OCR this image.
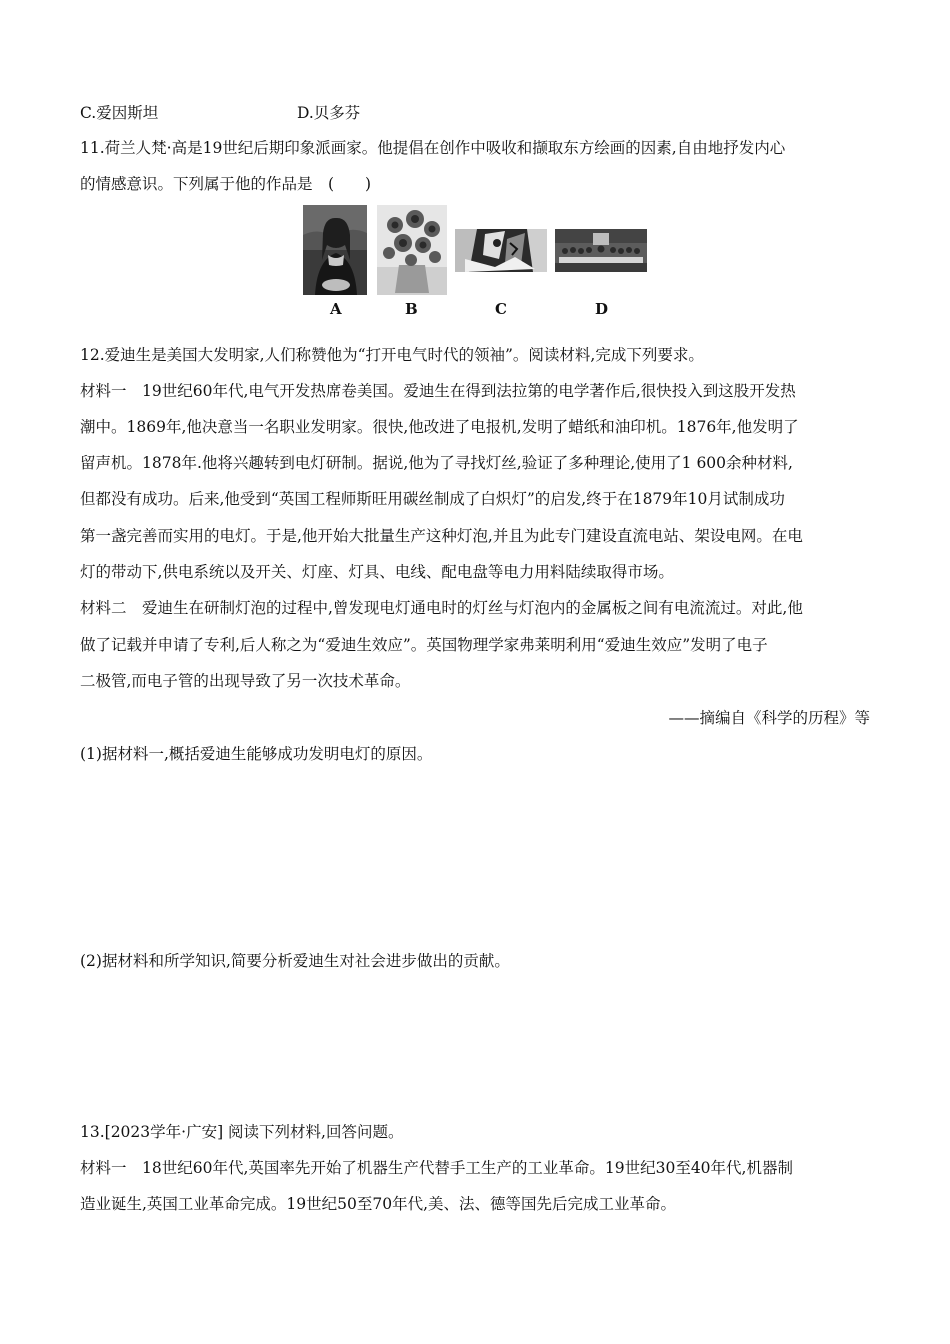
C.爱因斯坦	D.贝多芬
11.荷兰人梵·高是19世纪后期印象派画家。他提倡在创作中吸收和撷取东方绘画的因素,自由地抒发内心
的情感意识。下列属于他的作品是　(　　)
A	B	C	D
12.爱迪生是美国大发明家,人们称赞他为“打开电气时代的领袖”。阅读材料,完成下列要求。
材料一　19世纪60年代,电气开发热席卷美国。爱迪生在得到法拉第的电学著作后,很快投入到这股开发热
潮中。1869年,他决意当一名职业发明家。很快,他改进了电报机,发明了蜡纸和油印机。1876年,他发明了
留声机。1878年.他将兴趣转到电灯研制。据说,他为了寻找灯丝,验证了多种理论,使用了1 600余种材料,
但都没有成功。后来,他受到“英国工程师斯旺用碳丝制成了白炽灯”的启发,终于在1879年10月试制成功
第一盏完善而实用的电灯。于是,他开始大批量生产这种灯泡,并且为此专门建设直流电站、架设电网。在电
灯的带动下,供电系统以及开关、灯座、灯具、电线、配电盘等电力用料陆续取得市场。
材料二　爱迪生在研制灯泡的过程中,曾发现电灯通电时的灯丝与灯泡内的金属板之间有电流流过。对此,他
做了记载并申请了专利,后人称之为“爱迪生效应”。英国物理学家弗莱明利用“爱迪生效应”发明了电子
二极管,而电子管的出现导致了另一次技术革命。
——摘编自《科学的历程》等
(1)据材料一,概括爱迪生能够成功发明电灯的原因。
(2)据材料和所学知识,简要分析爱迪生对社会进步做出的贡献。
13.[2023学年·广安] 阅读下列材料,回答问题。
材料一　18世纪60年代,英国率先开始了机器生产代替手工生产的工业革命。19世纪30至40年代,机器制
造业诞生,英国工业革命完成。19世纪50至70年代,美、法、德等国先后完成工业革命。
